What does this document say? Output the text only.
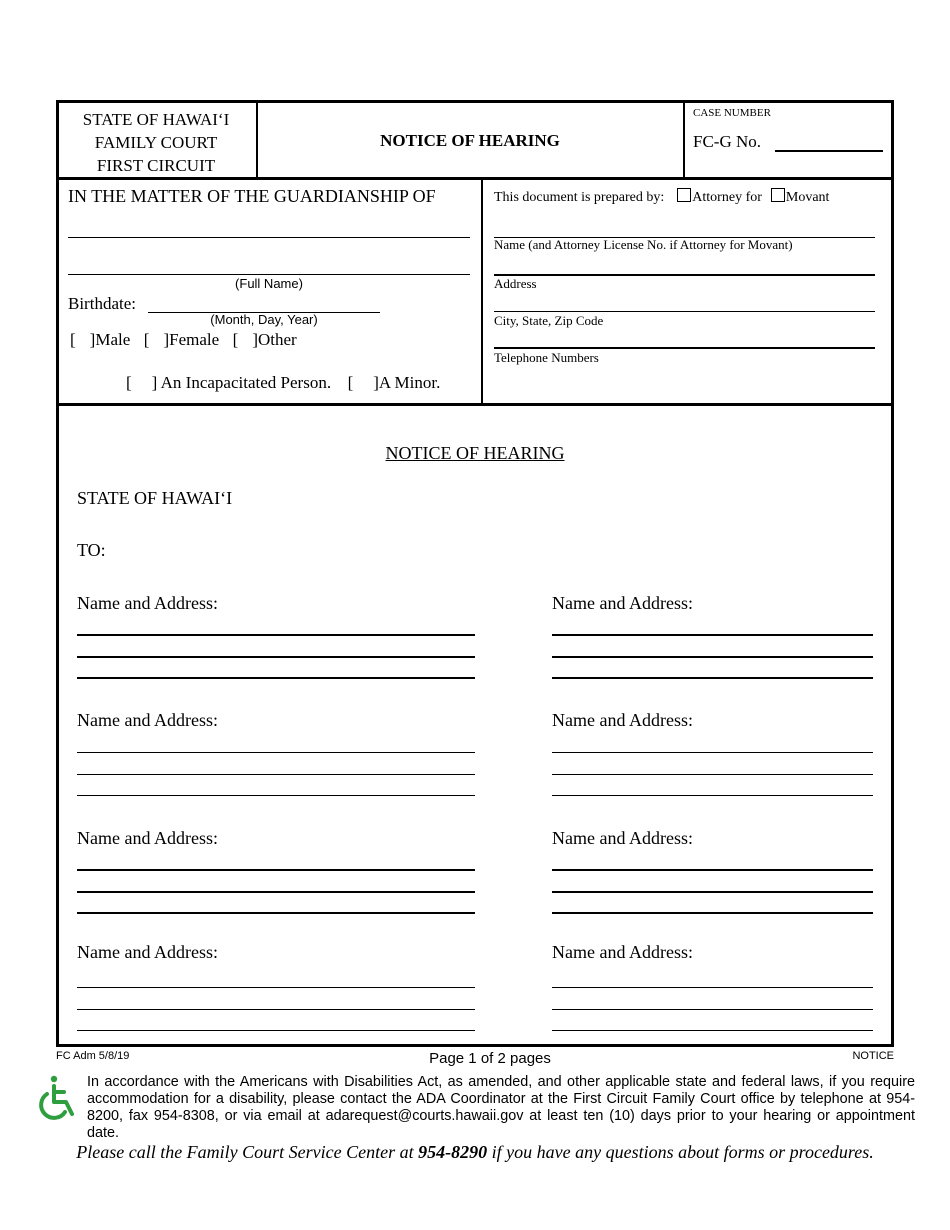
STATE OF HAWAI‘I
FAMILY COURT
FIRST CIRCUIT
NOTICE OF HEARING
CASE NUMBER
FC-G No.
IN THE MATTER OF THE GUARDIANSHIP OF
(Full Name)
Birthdate:
(Month, Day, Year)
[ ]Male [ ]Female [ ]Other
[ ] An Incapacitated Person. [ ]A Minor.
This document is prepared by: Attorney for Movant
Name (and Attorney License No. if Attorney for Movant)
Address
City, State, Zip Code
Telephone Numbers
NOTICE OF HEARING
STATE OF HAWAI‘I
TO:
Name and Address:
Name and Address:
Name and Address:
Name and Address:
Name and Address:
Name and Address:
Name and Address:
Name and Address:
FC Adm 5/8/19	Page 1 of 2 pages	NOTICE
In accordance with the Americans with Disabilities Act, as amended, and other applicable state and federal laws, if you require accommodation for a disability, please contact the ADA Coordinator at the First Circuit Family Court office by telephone at 954-8200, fax 954-8308, or via email at adarequest@courts.hawaii.gov at least ten (10) days prior to your hearing or appointment date.
Please call the Family Court Service Center at 954-8290 if you have any questions about forms or procedures.
